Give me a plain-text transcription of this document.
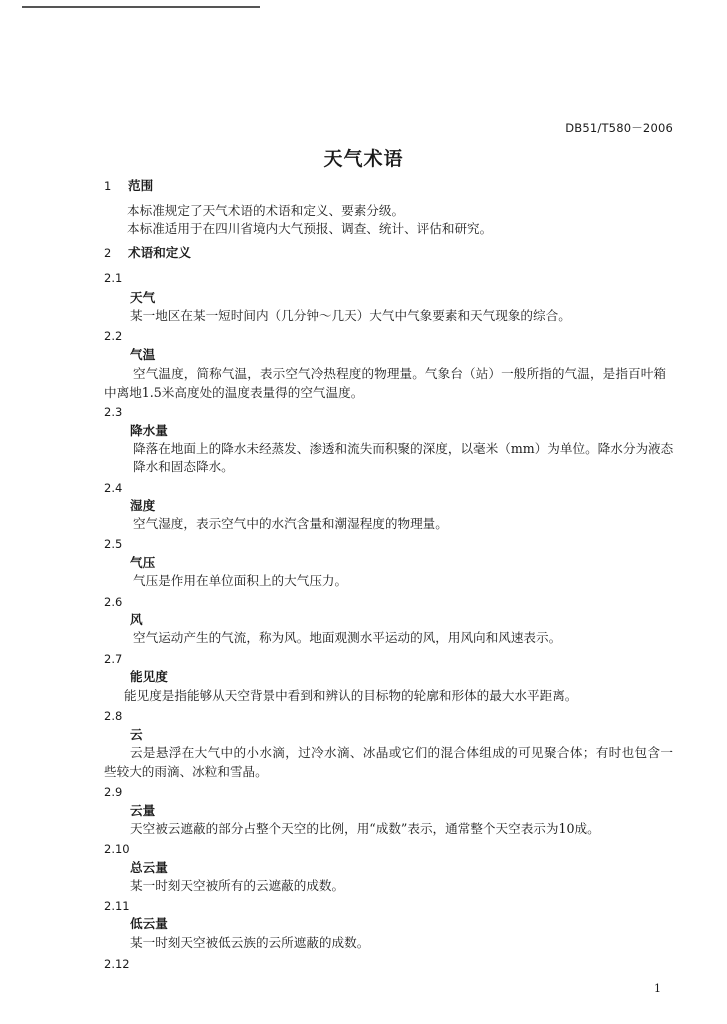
DB51/T580－2006
天气术语
1 范围
本标准规定了天气术语的术语和定义、要素分级。
本标准适用于在四川省境内大气预报、调查、统计、评估和研究。
2 术语和定义
2.1
天气
某一地区在某一短时间内（几分钟～几天）大气中气象要素和天气现象的综合。
2.2
气温
空气温度，简称气温，表示空气冷热程度的物理量。气象台（站）一般所指的气温，是指百叶箱
中离地1.5米高度处的温度表量得的空气温度。
2.3
降水量
降落在地面上的降水未经蒸发、渗透和流失而积聚的深度，以毫米（mm）为单位。降水分为液态
降水和固态降水。
2.4
湿度
空气湿度，表示空气中的水汽含量和潮湿程度的物理量。
2.5
气压
气压是作用在单位面积上的大气压力。
2.6
风
空气运动产生的气流，称为风。地面观测水平运动的风，用风向和风速表示。
2.7
能见度
能见度是指能够从天空背景中看到和辨认的目标物的轮廓和形体的最大水平距离。
2.8
云
云是悬浮在大气中的小水滴，过冷水滴、冰晶或它们的混合体组成的可见聚合体；有时也包含一
些较大的雨滴、冰粒和雪晶。
2.9
云量
天空被云遮蔽的部分占整个天空的比例，用“成数”表示，通常整个天空表示为10成。
2.10
总云量
某一时刻天空被所有的云遮蔽的成数。
2.11
低云量
某一时刻天空被低云族的云所遮蔽的成数。
2.12
1
